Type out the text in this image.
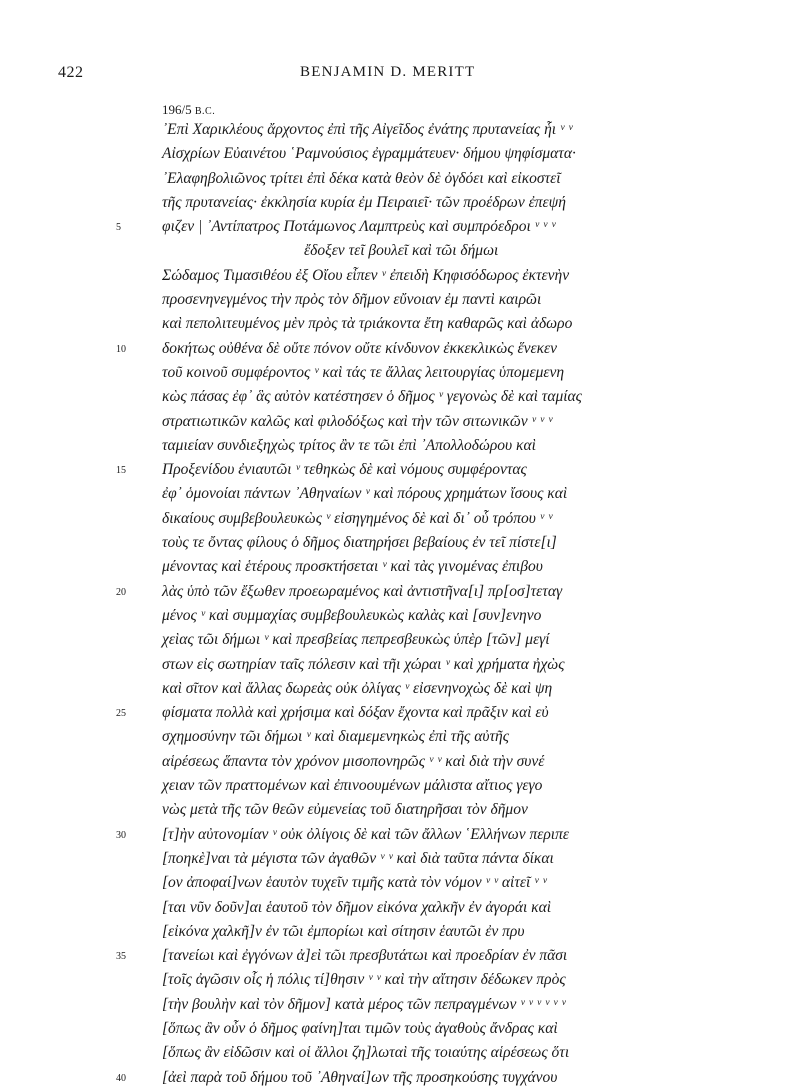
422	BENJAMIN D. MERITT
196/5 B.C.
᾽Επὶ Χαρικλέους ἄρχοντος ἐπὶ τῆς Αἰγεῖδος ἐνάτης πρυτανείας ἧι ᵛ ᵛ
Αἰσχρίων Εὐαινέτου ῾Ραμνούσιος ἐγραμμάτευεν· δήμου ψηφίσματα·
᾽Ελαφηβολιῶνος τρίτει ἐπὶ δέκα κατὰ θεὸν δὲ ὀγδόει καὶ εἰκοστεῖ
τῆς πρυτανείας· ἐκκλησία κυρία ἐμ Πειραιεῖ· τῶν προέδρων ἐπεψή
5	φιζεν | ᾽Αντίπατρος Ποτάμωνος Λαμπτρεὺς καὶ συμπρόεδροι ᵛ ᵛ ᵛ
ἔδοξεν τεῖ βουλεῖ καὶ τῶι δήμωι
Σώδαμος Τιμασιθέου ἐξ Οἴου εἶπεν ᵛ ἐπειδὴ Κηφισόδωρος ἐκτενὴν
προσενηνεγμένος τὴν πρὸς τὸν δῆμον εὔνοιαν ἐμ παντὶ καιρῶι
καὶ πεπολιτευμένος μὲν πρὸς τὰ τριάκοντα ἔτη καθαρῶς καὶ ἀδωρο
10 δοκήτως οὐθένα δὲ οὔτε πόνον οὔτε κίνδυνον ἐκκεκλικὼς ἕνεκεν
τοῦ κοινοῦ συμφέροντος ᵛ καὶ τάς τε ἄλλας λειτουργίας ὑπομεμενη
κὼς πάσας ἐφ᾽ ἃς αὐτὸν κατέστησεν ὁ δῆμος ᵛ γεγονὼς δὲ καὶ ταμίας
στρατιωτικῶν καλῶς καὶ φιλοδόξως καὶ τὴν τῶν σιτωνικῶν ᵛ ᵛ ᵛ
ταμιείαν συνδιεξηχὼς τρίτος ἂν τε τῶι ἐπὶ ᾽Απολλοδώρου καὶ
15 Προξενίδου ἐνιαυτῶι ᵛ τεθηκὼς δὲ καὶ νόμους συμφέροντας
ἐφ᾽ ὁμονοίαι πάντων ᾽Αθηναίων ᵛ καὶ πόρους χρημάτων ἴσους καὶ
δικαίους συμβεβουλευκὼς ᵛ εἰσηγημένος δὲ καὶ δι᾽ οὗ τρόπου ᵛ ᵛ
τοὺς τε ὄντας φίλους ὁ δῆμος διατηρήσει βεβαίους ἐν τεῖ πίστε[ι]
μένοντας καὶ ἑτέρους προσκτήσεται ᵛ καὶ τὰς γινομένας ἐπιβου
20 λὰς ὑπὸ τῶν ἔξωθεν προεωραμένος καὶ ἀντιστῆνα[ι] πρ[οσ]τεταγ
μένος ᵛ καὶ συμμαχίας συμβεβουλευκὼς καλὰς καὶ [συν]ενηνο
χεὶας τῶι δήμωι ᵛ καὶ πρεσβείας πεπρεσβευκὼς ὑπὲρ [τῶν] μεγί
στων εἰς σωτηρίαν ταῖς πόλεσιν καὶ τῆι χώραι ᵛ καὶ χρήματα ἠχὼς
καὶ σῖτον καὶ ἄλλας δωρεὰς οὐκ ὀλίγας ᵛ εἰσενηνοχὼς δὲ καὶ ψη
25 φίσματα πολλὰ καὶ χρήσιμα καὶ δόξαν ἔχοντα καὶ πρᾶξιν καὶ εὐ
σχημοσύνην τῶι δήμωι ᵛ καὶ διαμεμενηκὼς ἐπὶ τῆς αὐτῆς
αἱρέσεως ἅπαντα τὸν χρόνον μισοπονηρῶς ᵛ ᵛ καὶ διὰ τὴν συνέ
χειαν τῶν πραττομένων καὶ ἐπινοουμένων μάλιστα αἴτιος γεγο
νὼς μετὰ τῆς τῶν θεῶν εὐμενείας τοῦ διατηρῆσαι τὸν δῆμον
30 [τ]ὴν αὐτονομίαν ᵛ οὐκ ὀλίγοις δὲ καὶ τῶν ἄλλων ῾Ελλήνων περιπε
[ποηκὲ]ναι τὰ μέγιστα τῶν ἀγαθῶν ᵛ ᵛ καὶ διὰ ταῦτα πάντα δίκαι
[ον ἀποφαί]νων ἑαυτὸν τυχεῖν τιμῆς κατὰ τὸν νόμον ᵛ ᵛ αἰτεῖ ᵛ ᵛ
[ται νῦν δοῦν]αι ἑαυτοῦ τὸν δῆμον εἰκόνα χαλκῆν ἐν ἀγοράι καὶ
[εἰκόνα χαλκῆ]ν ἐν τῶι ἐμπορίωι καὶ σίτησιν ἑαυτῶι ἐν πρυ
35 [τανείωι καὶ ἐγγόνων ἀ]εὶ τῶι πρεσβυτάτωι καὶ προεδρίαν ἐν πᾶσι
[τοῖς ἀγῶσιν οἷς ἡ πόλις τί]θησιν ᵛ ᵛ καὶ τὴν αἴτησιν δέδωκεν πρὸς
[τὴν βουλὴν καὶ τὸν δῆμον] κατὰ μέρος τῶν πεπραγμένων ᵛ ᵛ ᵛ ᵛ ᵛ ᵛ
[ὅπως ἂν οὖν ὁ δῆμος φαίνη]ται τιμῶν τοὺς ἀγαθοὺς ἄνδρας καὶ
[ὅπως ἂν εἰδῶσιν καὶ οἱ ἄλλοι ζη]λωταὶ τῆς τοιαύτης αἱρέσεως ὅτι
40 [ἀεὶ παρὰ τοῦ δήμου τοῦ ᾽Αθηναί]ων τῆς προσηκούσης τυγχάνου
